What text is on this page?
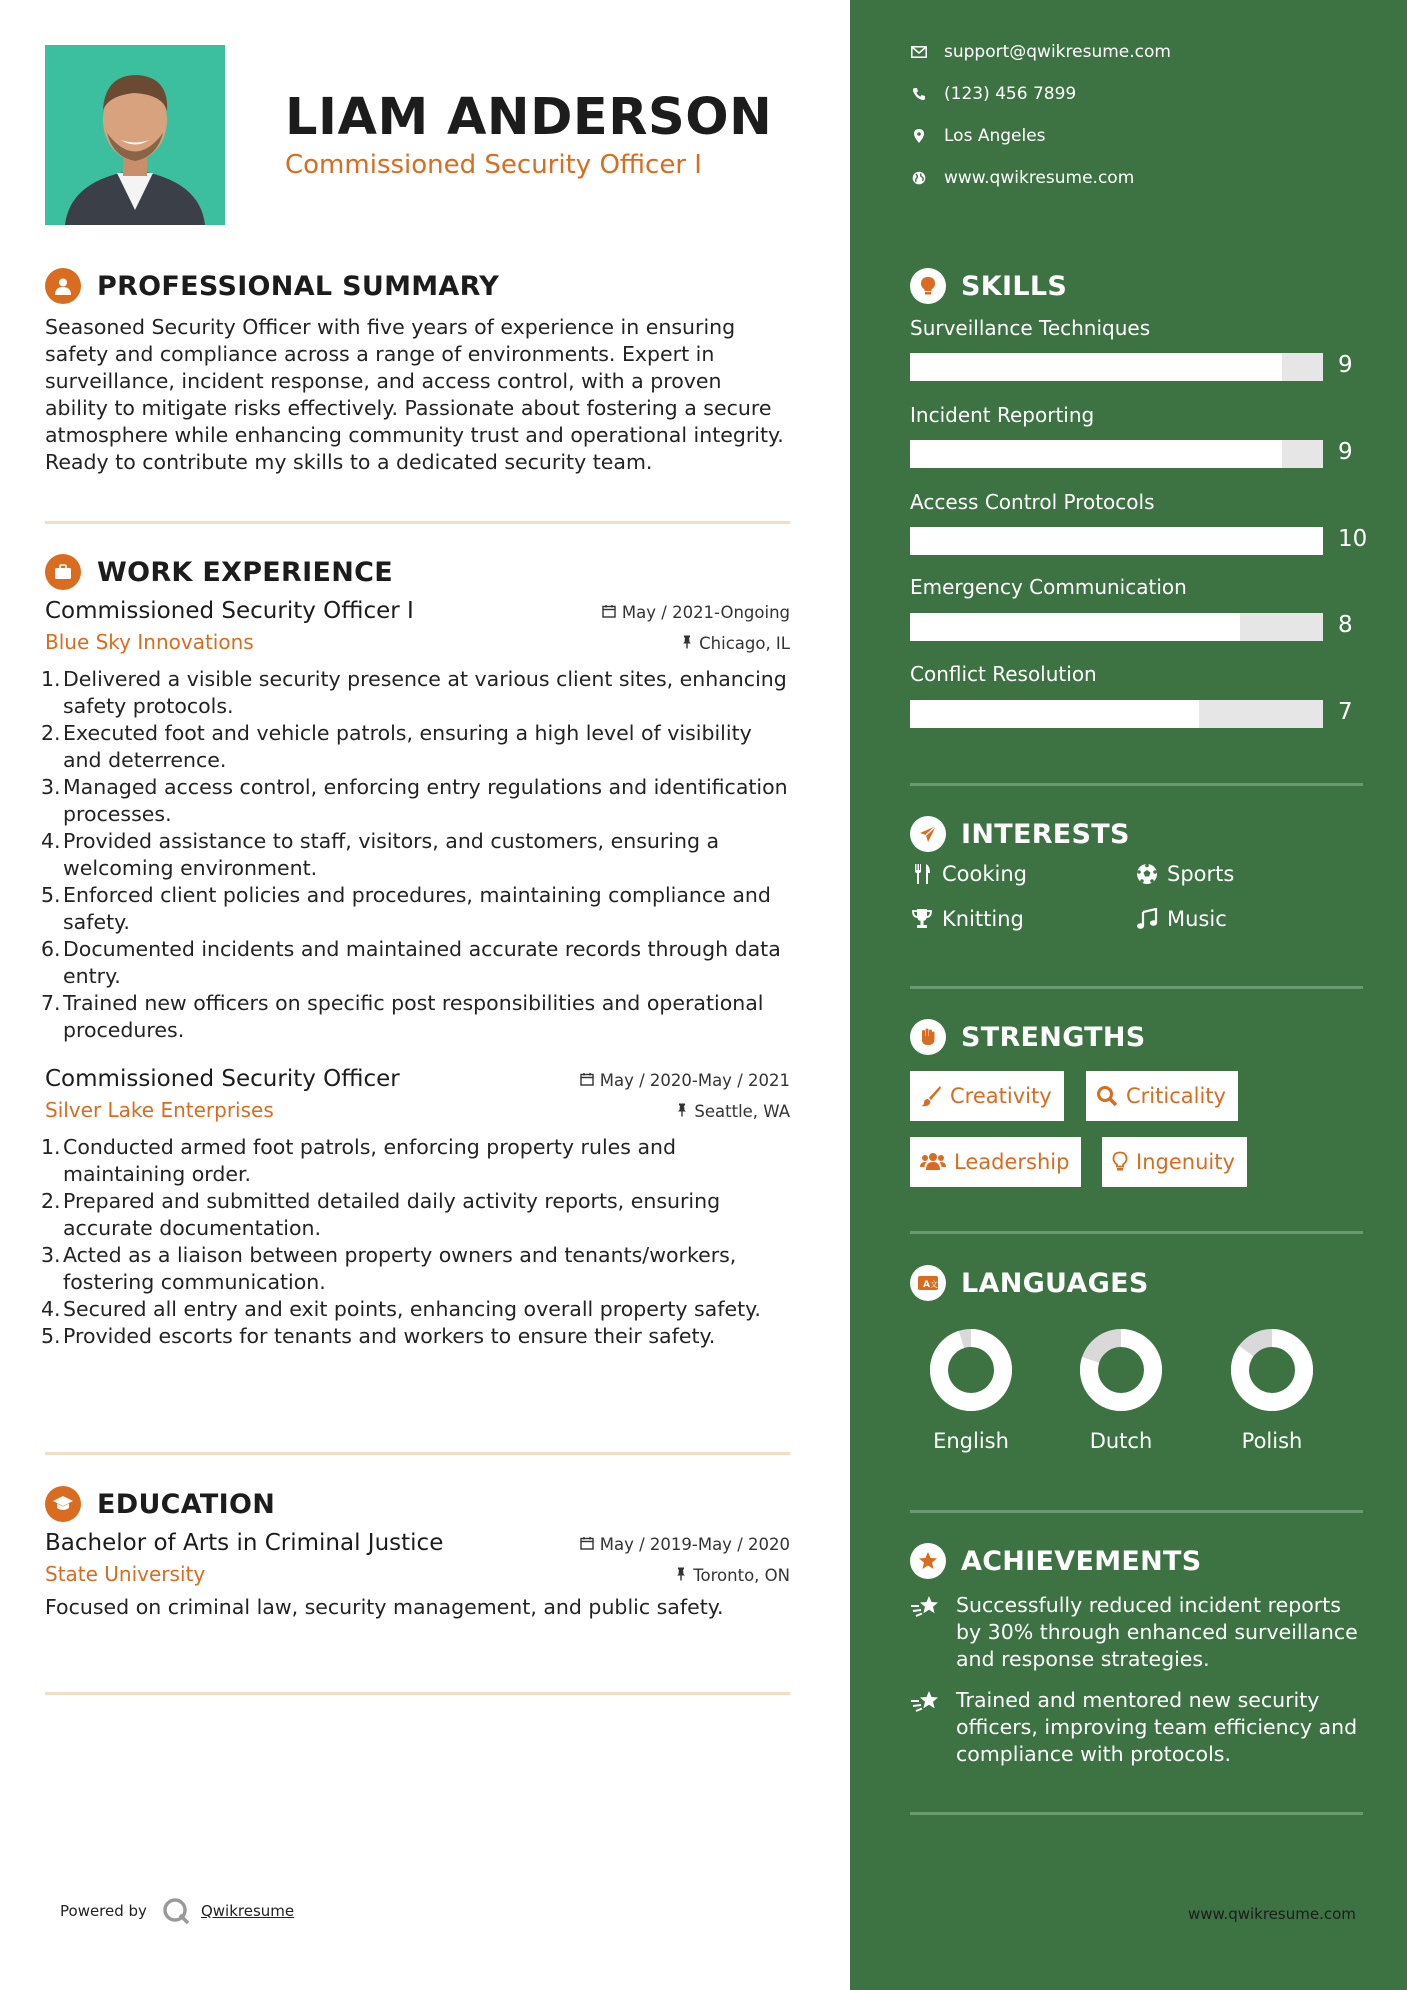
LIAM ANDERSON
Commissioned Security Officer I
PROFESSIONAL SUMMARY
Seasoned Security Officer with five years of experience in ensuring safety and compliance across a range of environments. Expert in surveillance, incident response, and access control, with a proven ability to mitigate risks effectively. Passionate about fostering a secure atmosphere while enhancing community trust and operational integrity. Ready to contribute my skills to a dedicated security team.
WORK EXPERIENCE
Commissioned Security Officer I	May / 2021-Ongoing
Blue Sky Innovations	Chicago, IL
1. Delivered a visible security presence at various client sites, enhancing safety protocols.
2. Executed foot and vehicle patrols, ensuring a high level of visibility and deterrence.
3. Managed access control, enforcing entry regulations and identification processes.
4. Provided assistance to staff, visitors, and customers, ensuring a welcoming environment.
5. Enforced client policies and procedures, maintaining compliance and safety.
6. Documented incidents and maintained accurate records through data entry.
7. Trained new officers on specific post responsibilities and operational procedures.
Commissioned Security Officer	May / 2020-May / 2021
Silver Lake Enterprises	Seattle, WA
1. Conducted armed foot patrols, enforcing property rules and maintaining order.
2. Prepared and submitted detailed daily activity reports, ensuring accurate documentation.
3. Acted as a liaison between property owners and tenants/workers, fostering communication.
4. Secured all entry and exit points, enhancing overall property safety.
5. Provided escorts for tenants and workers to ensure their safety.
EDUCATION
Bachelor of Arts in Criminal Justice	May / 2019-May / 2020
State University	Toronto, ON
Focused on criminal law, security management, and public safety.
Powered by	Qwikresume
support@qwikresume.com
(123) 456 7899
Los Angeles
www.qwikresume.com
SKILLS
Surveillance Techniques
9
Incident Reporting
9
Access Control Protocols
10
Emergency Communication
8
Conflict Resolution
7
INTERESTS
Cooking	Sports
Knitting	Music
STRENGTHS
Creativity	Criticality
Leadership	Ingenuity
A 文 LANGUAGES
English	Dutch	Polish
ACHIEVEMENTS
Successfully reduced incident reports by 30% through enhanced surveillance and response strategies.
Trained and mentored new security officers, improving team efficiency and compliance with protocols.
www.qwikresume.com
